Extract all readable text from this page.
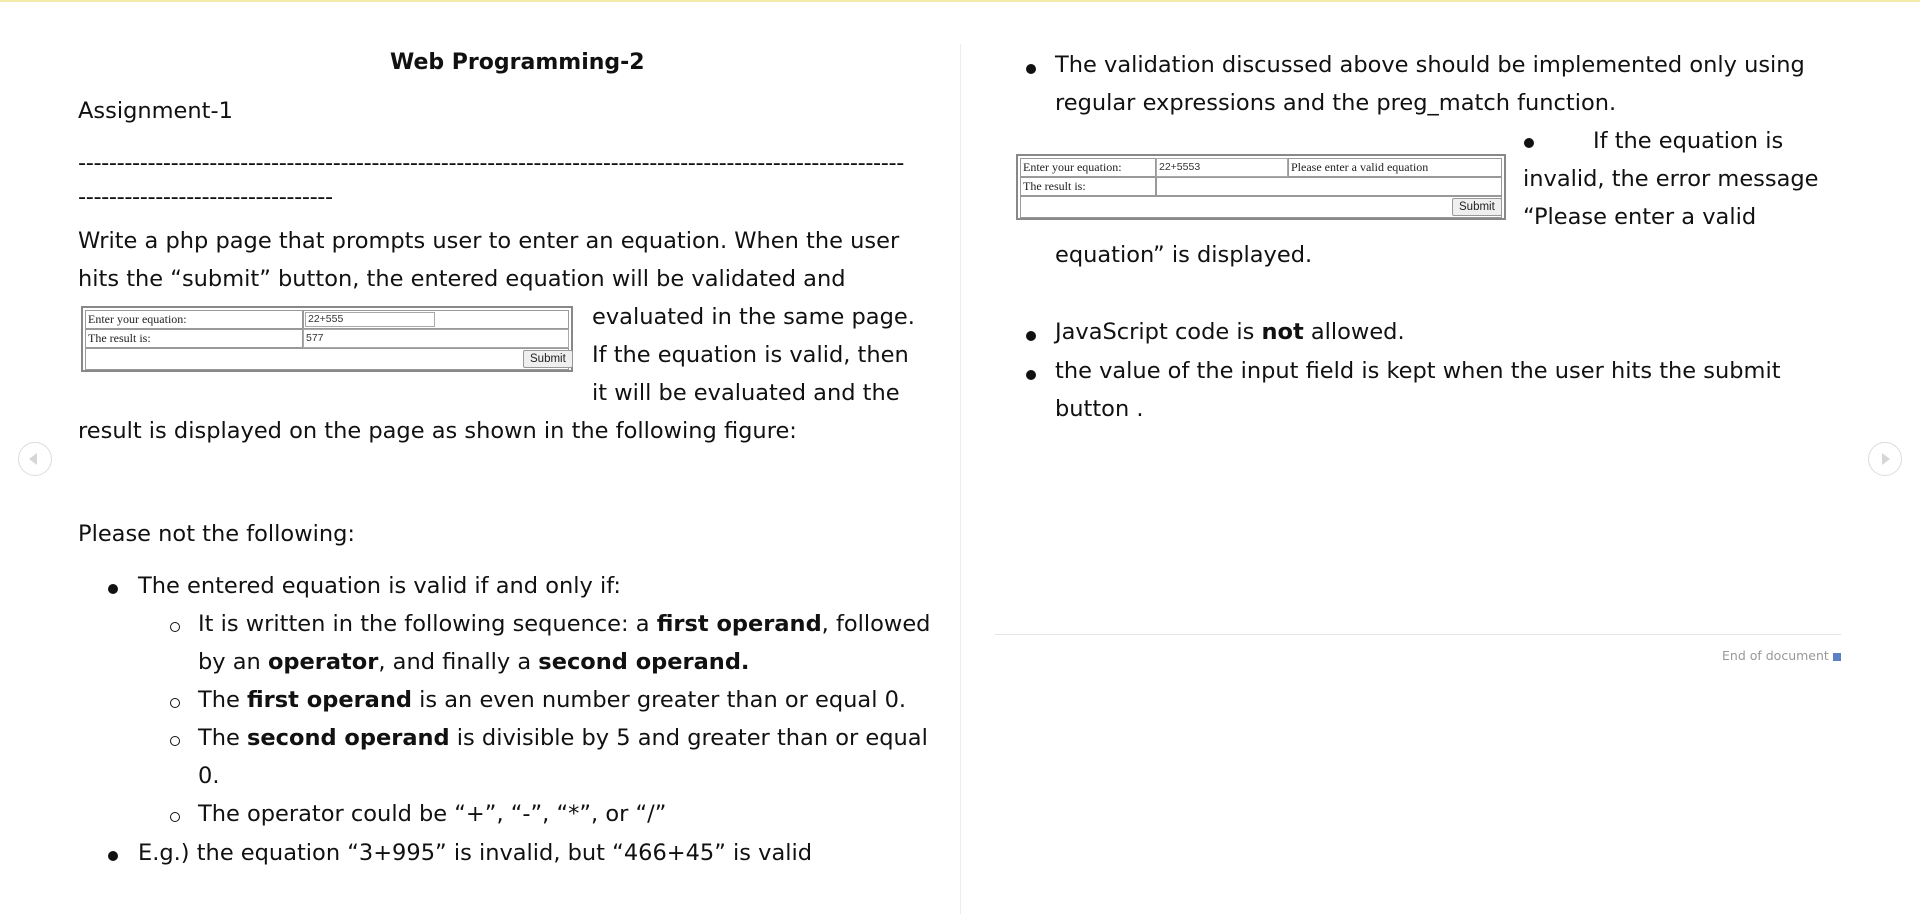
Web Programming-2
Assignment-1
-----------------------------------------------------------------------------------------------------------
---------------------------------
Write a php page that prompts user to enter an equation. When the user
hits the “submit” button, the entered equation will be validated and
evaluated in the same page.
If the equation is valid, then
it will be evaluated and the
result is displayed on the page as shown in the following figure:
Enter your equation:	22+555
The result is:	577
Submit
Please not the following:
The entered equation is valid if and only if:
It is written in the following sequence: a first operand, followed
by an operator, and finally a second operand.
The first operand is an even number greater than or equal 0.
The second operand is divisible by 5 and greater than or equal
0.
The operator could be “+”, “-”, “*”, or “/”
E.g.) the equation “3+995” is invalid, but “466+45” is valid
The validation discussed above should be implemented only using
regular expressions and the preg_match function.
Enter your equation:	22+5553	Please enter a valid equation
The result is:
Submit
If the equation is
invalid, the error message
“Please enter a valid
equation” is displayed.
JavaScript code is not allowed.
the value of the input field is kept when the user hits the submit
button .
End of document
